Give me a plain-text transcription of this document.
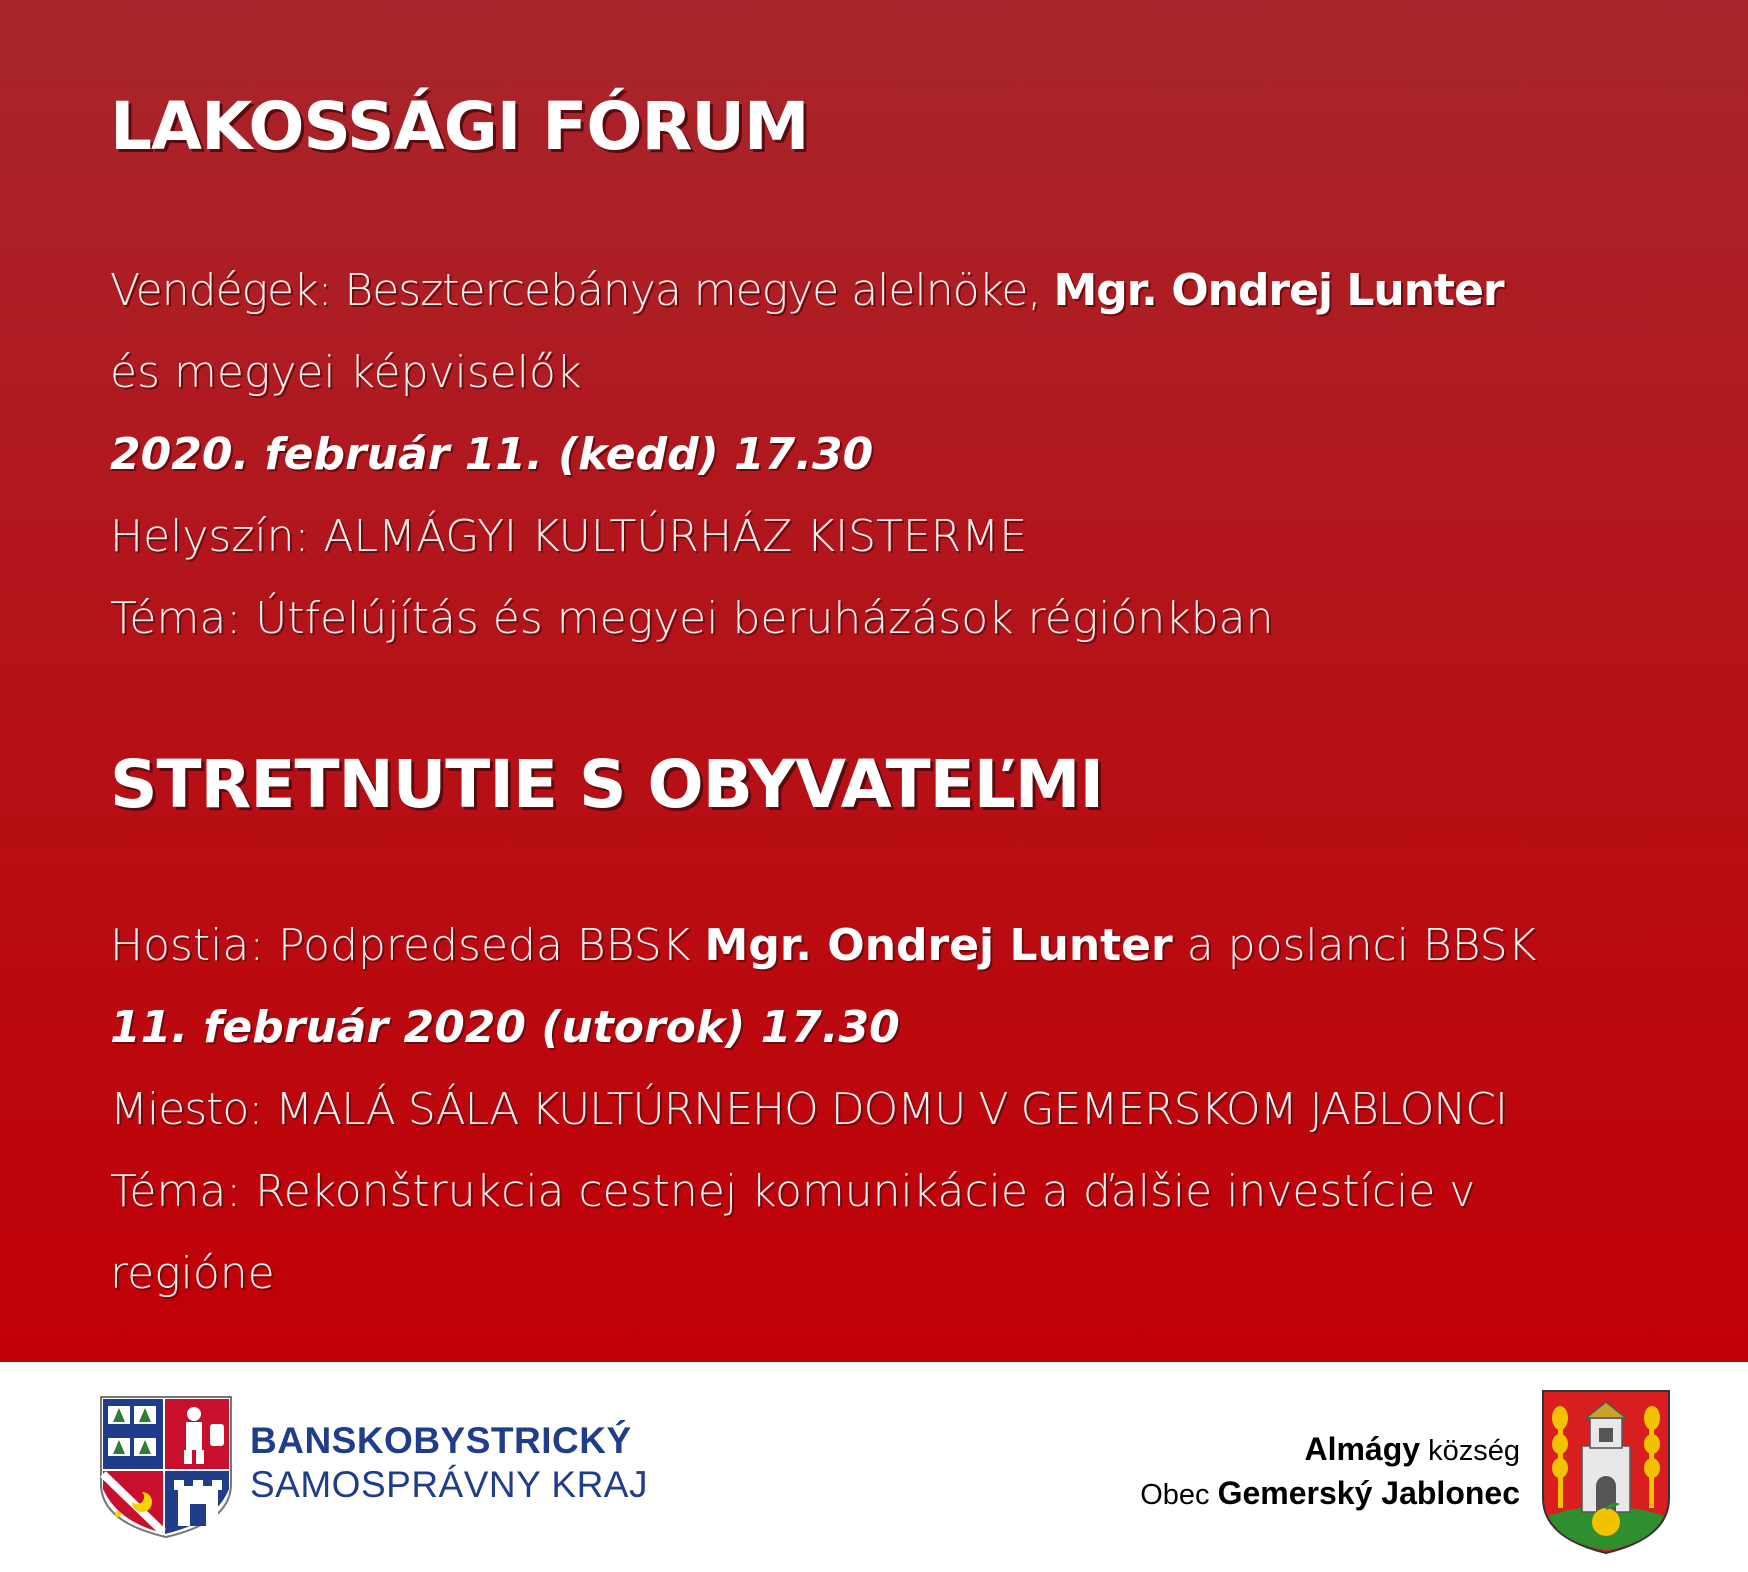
LAKOSSÁGI FÓRUM
Vendégek: Besztercebánya megye alelnöke, Mgr. Ondrej Lunter
és megyei képviselők
2020. február 11. (kedd) 17.30
Helyszín: ALMÁGYI KULTÚRHÁZ KISTERME
Téma: Útfelújítás és megyei beruházások régiónkban
STRETNUTIE S OBYVATEĽMI
Hostia: Podpredseda BBSK Mgr. Ondrej Lunter a poslanci BBSK
11. február 2020 (utorok) 17.30
Miesto: MALÁ SÁLA KULTÚRNEHO DOMU V GEMERSKOM JABLONCI
Téma: Rekonštrukcia cestnej komunikácie a ďalšie investície v
regióne
BANSKOBYSTRICKÝ
SAMOSPRÁVNY KRAJ
Almágy község
Obec Gemerský Jablonec
